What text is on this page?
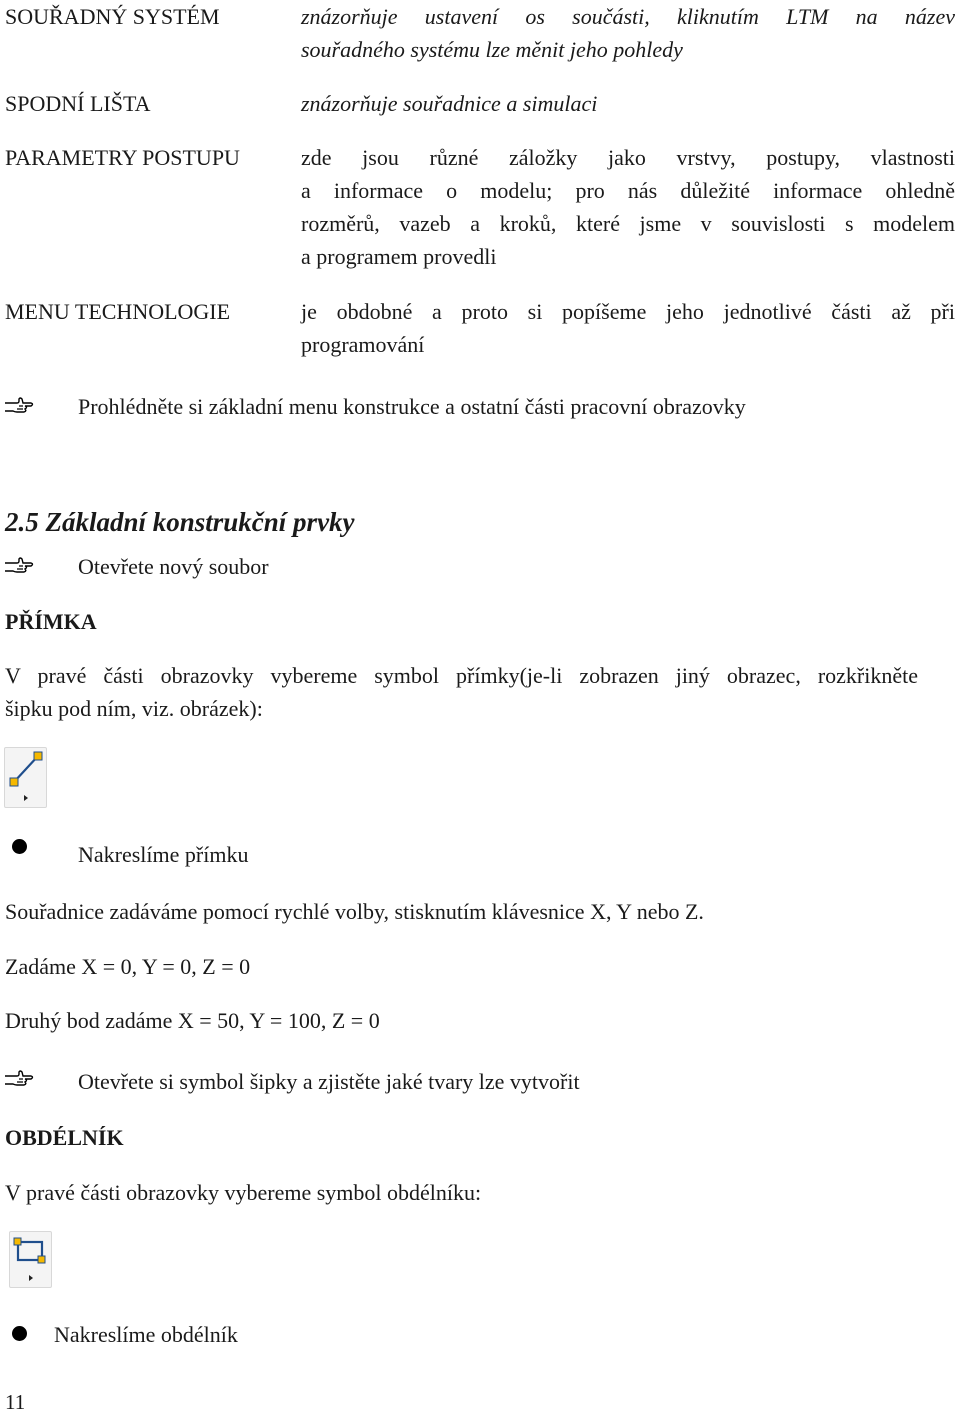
SOUŘADNÝ SYSTÉM	znázorňuje ustavení os součásti, kliknutím LTM na název
souřadného systému lze měnit jeho pohledy
SPODNÍ LIŠTA	znázorňuje souřadnice a simulaci
PARAMETRY POSTUPU	zde jsou různé záložky jako vrstvy, postupy, vlastnosti
a informace o modelu; pro nás důležité informace ohledně
rozměrů, vazeb a kroků, které jsme v souvislosti s modelem
a programem provedli
MENU TECHNOLOGIE	je obdobné a proto si popíšeme jeho jednotlivé části až při
programování
Prohlédněte si základní menu konstrukce a ostatní části pracovní obrazovky
2.5 Základní konstrukční prvky
Otevřete nový soubor
PŘÍMKA
V pravé části obrazovky vybereme symbol přímky(je-li zobrazen jiný obrazec, rozkřikněte
šipku pod ním, viz. obrázek):
Nakreslíme přímku
Souřadnice zadáváme pomocí rychlé volby, stisknutím klávesnice X, Y nebo Z.
Zadáme X = 0, Y = 0, Z = 0
Druhý bod zadáme X = 50, Y = 100, Z = 0
Otevřete si symbol šipky a zjistěte jaké tvary lze vytvořit
OBDÉLNÍK
V pravé části obrazovky vybereme symbol obdélníku:
Nakreslíme obdélník
11
